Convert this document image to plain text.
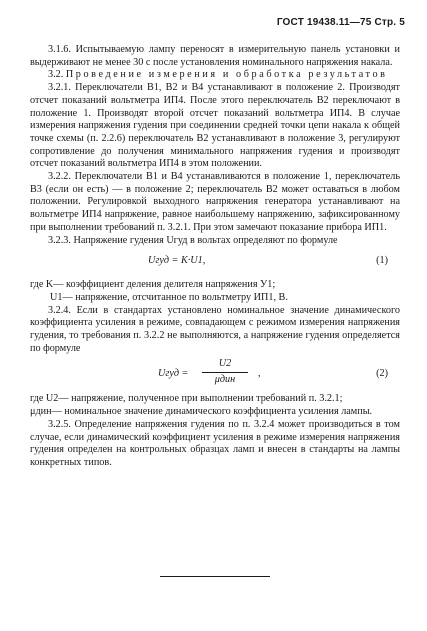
ГОСТ 19438.11—75 Стр. 5

3.1.6. Испытываемую лампу переносят в измерительную панель установки и выдерживают не менее 30 с после установления номинального напряжения накала.

3.2. Проведение измерения и обработка результатов

3.2.1. Переключатели В1, В2 и В4 устанавливают в положение 2. Производят отсчет показаний вольтметра ИП4. После этого переключатель В2 переключают в положение 1. Производят второй отсчет показаний вольтметра ИП4. В случае измерения напряжения гудения при соединении средней точки цепи накала к общей точке схемы (п. 2.2.6) переключатель В2 устанавливают в положение 3, регулируют сопротивление до получения минимального напряжения гудения и производят отсчет показаний вольтметра ИП4 в этом положении.

3.2.2. Переключатели В1 и В4 устанавливаются в положение 1, переключатель В3 (если он есть) — в положение 2; переключатель В2 может оставаться в любом положении. Регулировкой выходного напряжения генератора устанавливают на вольтметре ИП4 напряжение, равное наибольшему напряжению, зафиксированному при выполнении требований п. 3.2.1. При этом замечают показание прибора ИП1.

3.2.3. Напряжение гудения Uгуд в вольтах определяют по формуле

Uгуд = K·U1,	(1)
где K — коэффициент деления делителя напряжения У1;
U1 — напряжение, отсчитанное по вольтметру ИП1, В.

3.2.4. Если в стандартах установлено номинальное значение динамического коэффициента усиления в режиме, совпадающем с режимом измерения напряжения гудения, то требования п. 3.2.2 не выполняются, а напряжение гудения определяется по формуле

Uгуд =
U2
μдин
,	(2)
где U2 — напряжение, полученное при выполнении требований п. 3.2.1;
μдин — номинальное значение динамического коэффициента усиления лампы.

3.2.5. Определение напряжения гудения по п. 3.2.4 может производиться в том случае, если динамический коэффициент усиления в режиме измерения напряжения гудения определен на контрольных образцах ламп и внесен в стандарты на лампы конкретных типов.
